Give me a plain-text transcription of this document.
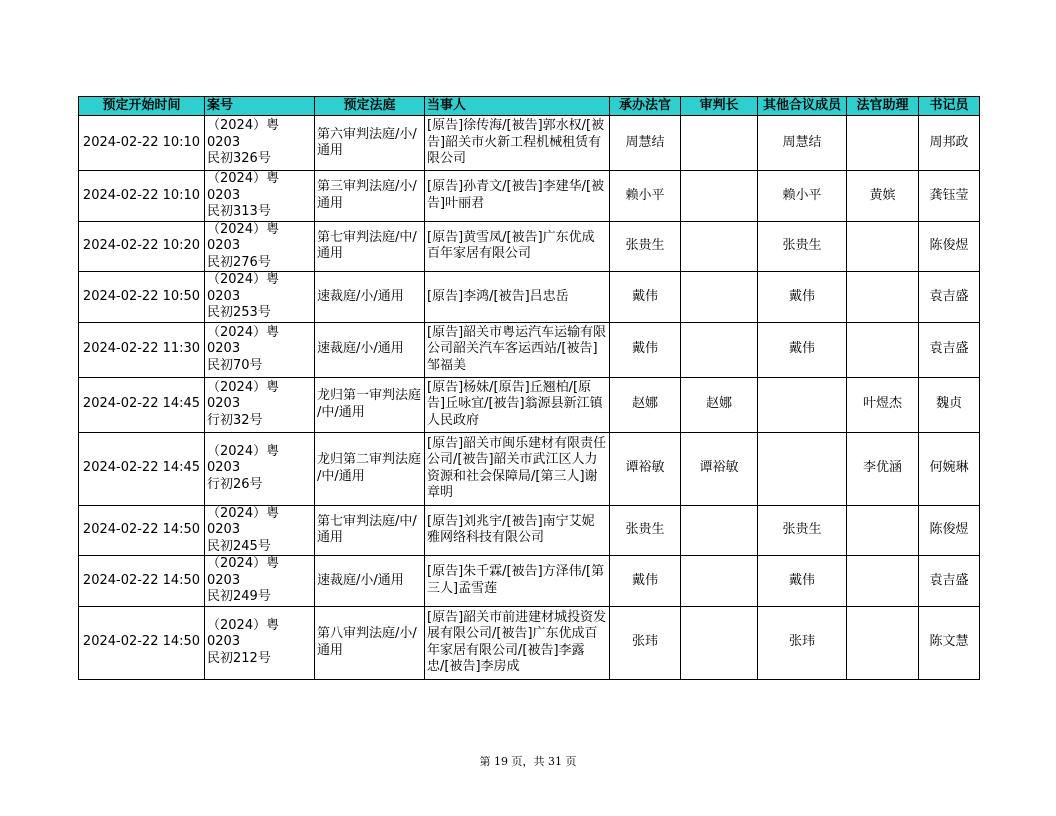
预定开始时间	案号	预定法庭	当事人	承办法官	审判长	其他合议成员	法官助理	书记员
2024-02-22 10:10	（2024）粤0203
民初326号	第六审判法庭/小/
通用	[原告]徐传海/[被告]郭水权/[被告]韶关市火新工程机械租赁有限公司	周慧结		周慧结		周邦政
2024-02-22 10:10	（2024）粤0203
民初313号	第三审判法庭/小/
通用	[原告]孙青文/[被告]李建华/[被告]叶丽君	赖小平		赖小平	黄嫔	龚钰莹
2024-02-22 10:20	（2024）粤0203
民初276号	第七审判法庭/中/
通用	[原告]黄雪凤/[被告]广东优成百年家居有限公司	张贵生		张贵生		陈俊煜
2024-02-22 10:50	（2024）粤0203
民初253号	速裁庭/小/通用	[原告]李鸿/[被告]吕忠岳	戴伟		戴伟		袁吉盛
2024-02-22 11:30	（2024）粤0203
民初70号	速裁庭/小/通用	[原告]韶关市粤运汽车运输有限公司韶关汽车客运西站/[被告]邹福美	戴伟		戴伟		袁吉盛
2024-02-22 14:45	（2024）粤0203
行初32号	龙归第一审判法庭
/中/通用	[原告]杨妹/[原告]丘翘柏/[原告]丘咏宜/[被告]翁源县新江镇人民政府	赵娜	赵娜		叶煜杰	魏贞
2024-02-22 14:45	（2024）粤0203
行初26号	龙归第二审判法庭
/中/通用	[原告]韶关市闽乐建材有限责任公司/[被告]韶关市武江区人力资源和社会保障局/[第三人]谢章明	谭裕敏	谭裕敏		李优涵	何婉琳
2024-02-22 14:50	（2024）粤0203
民初245号	第七审判法庭/中/
通用	[原告]刘兆宇/[被告]南宁艾妮雅网络科技有限公司	张贵生		张贵生		陈俊煜
2024-02-22 14:50	（2024）粤0203
民初249号	速裁庭/小/通用	[原告]朱千霖/[被告]方泽伟/[第三人]孟雪莲	戴伟		戴伟		袁吉盛
2024-02-22 14:50	（2024）粤0203
民初212号	第八审判法庭/小/
通用	[原告]韶关市前进建材城投资发展有限公司/[被告]广东优成百年家居有限公司/[被告]李露忠/[被告]李房成	张玮		张玮		陈文慧
第 19 页，共 31 页
